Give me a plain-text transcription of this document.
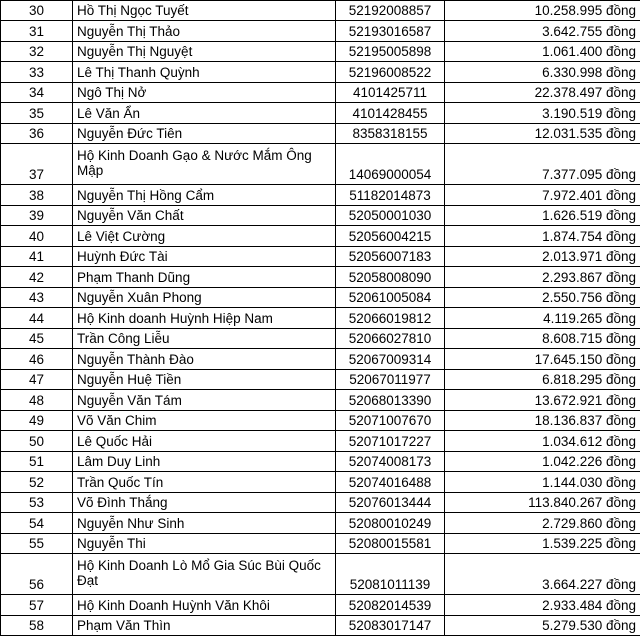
30	Hồ Thị Ngọc Tuyết	52192008857	10.258.995 đồng
31	Nguyễn Thị Thảo	52193016587	3.642.755 đồng
32	Nguyễn Thị Nguyệt	52195005898	1.061.400 đồng
33	Lê Thị Thanh Quỳnh	52196008522	6.330.998 đồng
34	Ngô Thị Nở	4101425711	22.378.497 đồng
35	Lê Văn Ẩn	4101428455	3.190.519 đồng
36	Nguyễn Đức Tiên	8358318155	12.031.535 đồng
37	Hộ Kinh Doanh Gạo & Nước Mắm Ông Mập	14069000054	7.377.095 đồng
38	Nguyễn Thị Hồng Cẩm	51182014873	7.972.401 đồng
39	Nguyễn Văn Chất	52050001030	1.626.519 đồng
40	Lê Việt Cường	52056004215	1.874.754 đồng
41	Huỳnh Đức Tài	52056007183	2.013.971 đồng
42	Phạm Thanh Dũng	52058008090	2.293.867 đồng
43	Nguyễn Xuân Phong	52061005084	2.550.756 đồng
44	Hộ Kinh doanh Huỳnh Hiệp Nam	52066019812	4.119.265 đồng
45	Trần Công Liễu	52066027810	8.608.715 đồng
46	Nguyễn Thành Đào	52067009314	17.645.150 đồng
47	Nguyễn Huệ Tiền	52067011977	6.818.295 đồng
48	Nguyễn Văn Tám	52068013390	13.672.921 đồng
49	Võ Văn Chim	52071007670	18.136.837 đồng
50	Lê Quốc Hải	52071017227	1.034.612 đồng
51	Lâm Duy Linh	52074008173	1.042.226 đồng
52	Trần Quốc Tín	52074016488	1.144.030 đồng
53	Võ Đình Thắng	52076013444	113.840.267 đồng
54	Nguyễn Như Sinh	52080010249	2.729.860 đồng
55	Nguyễn Thi	52080015581	1.539.225 đồng
56	Hộ Kinh Doanh Lò Mổ Gia Súc Bùi Quốc Đạt	52081011139	3.664.227 đồng
57	Hộ Kinh Doanh Huỳnh Văn Khôi	52082014539	2.933.484 đồng
58	Phạm Văn Thìn	52083017147	5.279.530 đồng
